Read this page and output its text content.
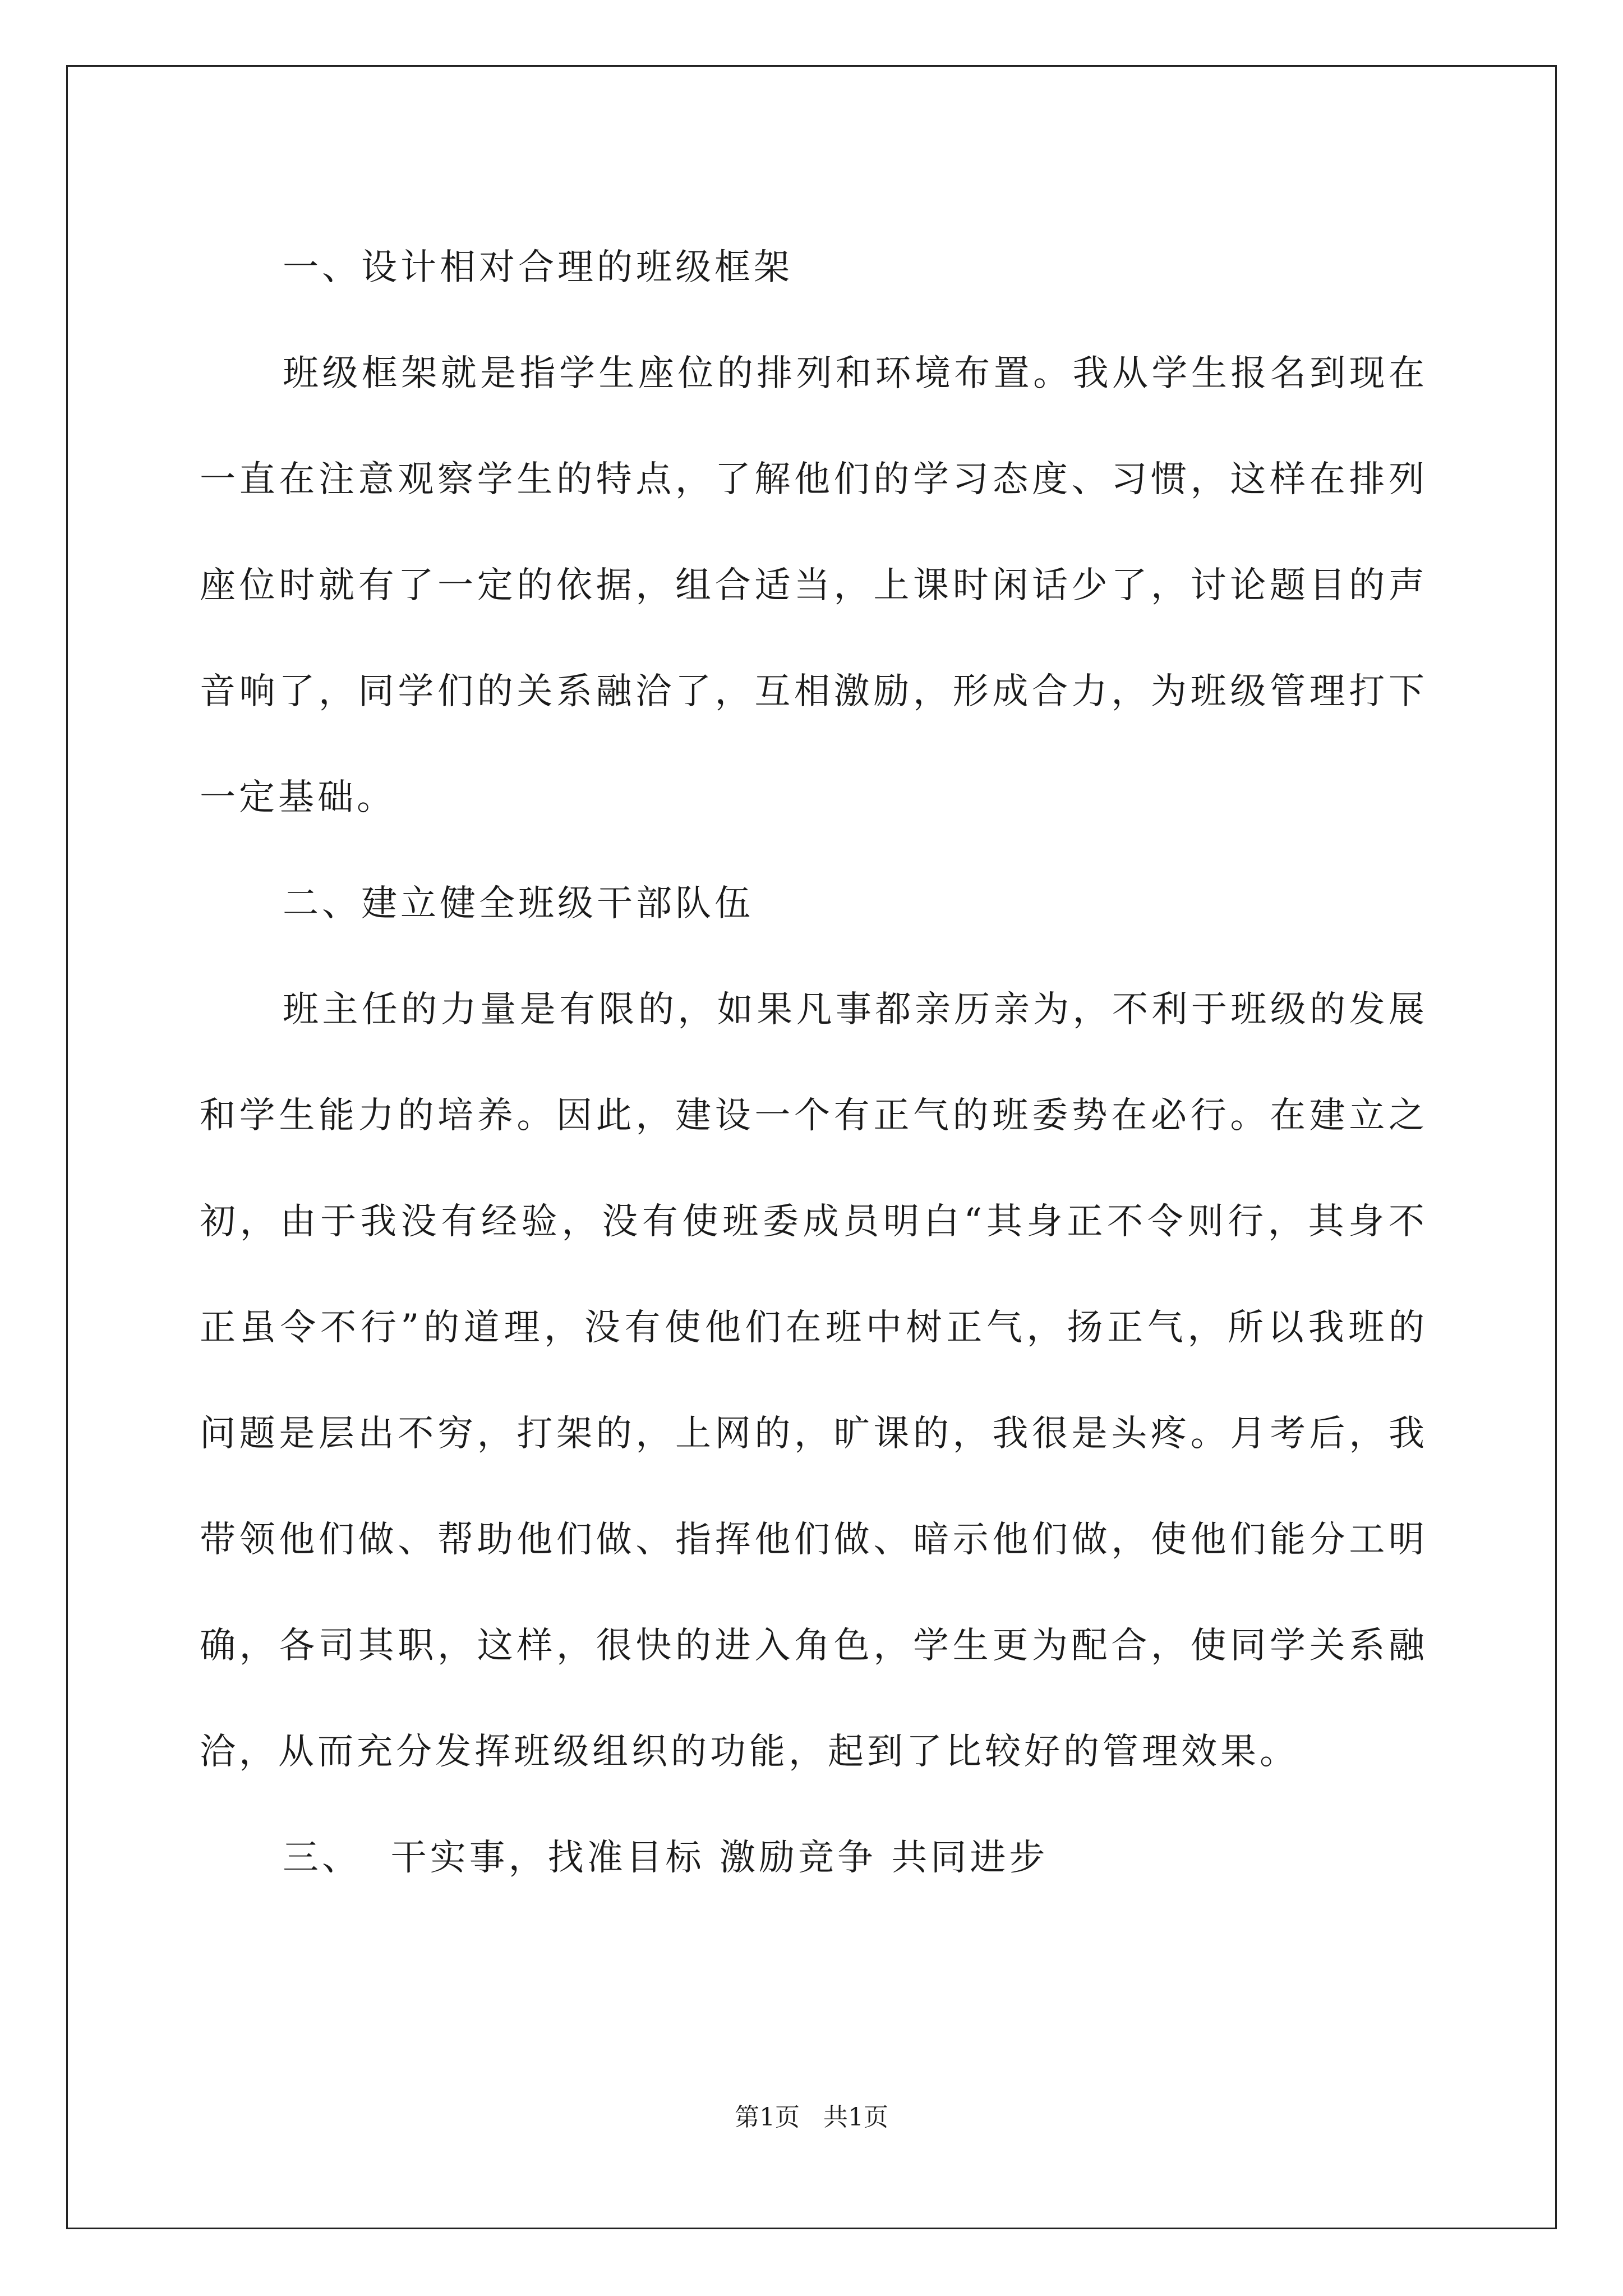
一、设计相对合理的班级框架

班级框架就是指学生座位的排列和环境布置。我从学生报名到现在一直在注意观察学生的特点，了解他们的学习态度、习惯，这样在排列座位时就有了一定的依据，组合适当，上课时闲话少了，讨论题目的声音响了，同学们的关系融洽了，互相激励，形成合力，为班级管理打下一定基础。

二、建立健全班级干部队伍

班主任的力量是有限的，如果凡事都亲历亲为，不利于班级的发展和学生能力的培养。因此，建设一个有正气的班委势在必行。在建立之初，由于我没有经验，没有使班委成员明白“其身正不令则行，其身不正虽令不行”的道理，没有使他们在班中树正气，扬正气，所以我班的问题是层出不穷，打架的，上网的，旷课的，我很是头疼。月考后，我带领他们做、帮助他们做、指挥他们做、暗示他们做，使他们能分工明确，各司其职，这样，很快的进入角色，学生更为配合，使同学关系融洽，从而充分发挥班级组织的功能，起到了比较好的管理效果。

三、  干实事，找准目标 激励竞争 共同进步

第1页   共1页
